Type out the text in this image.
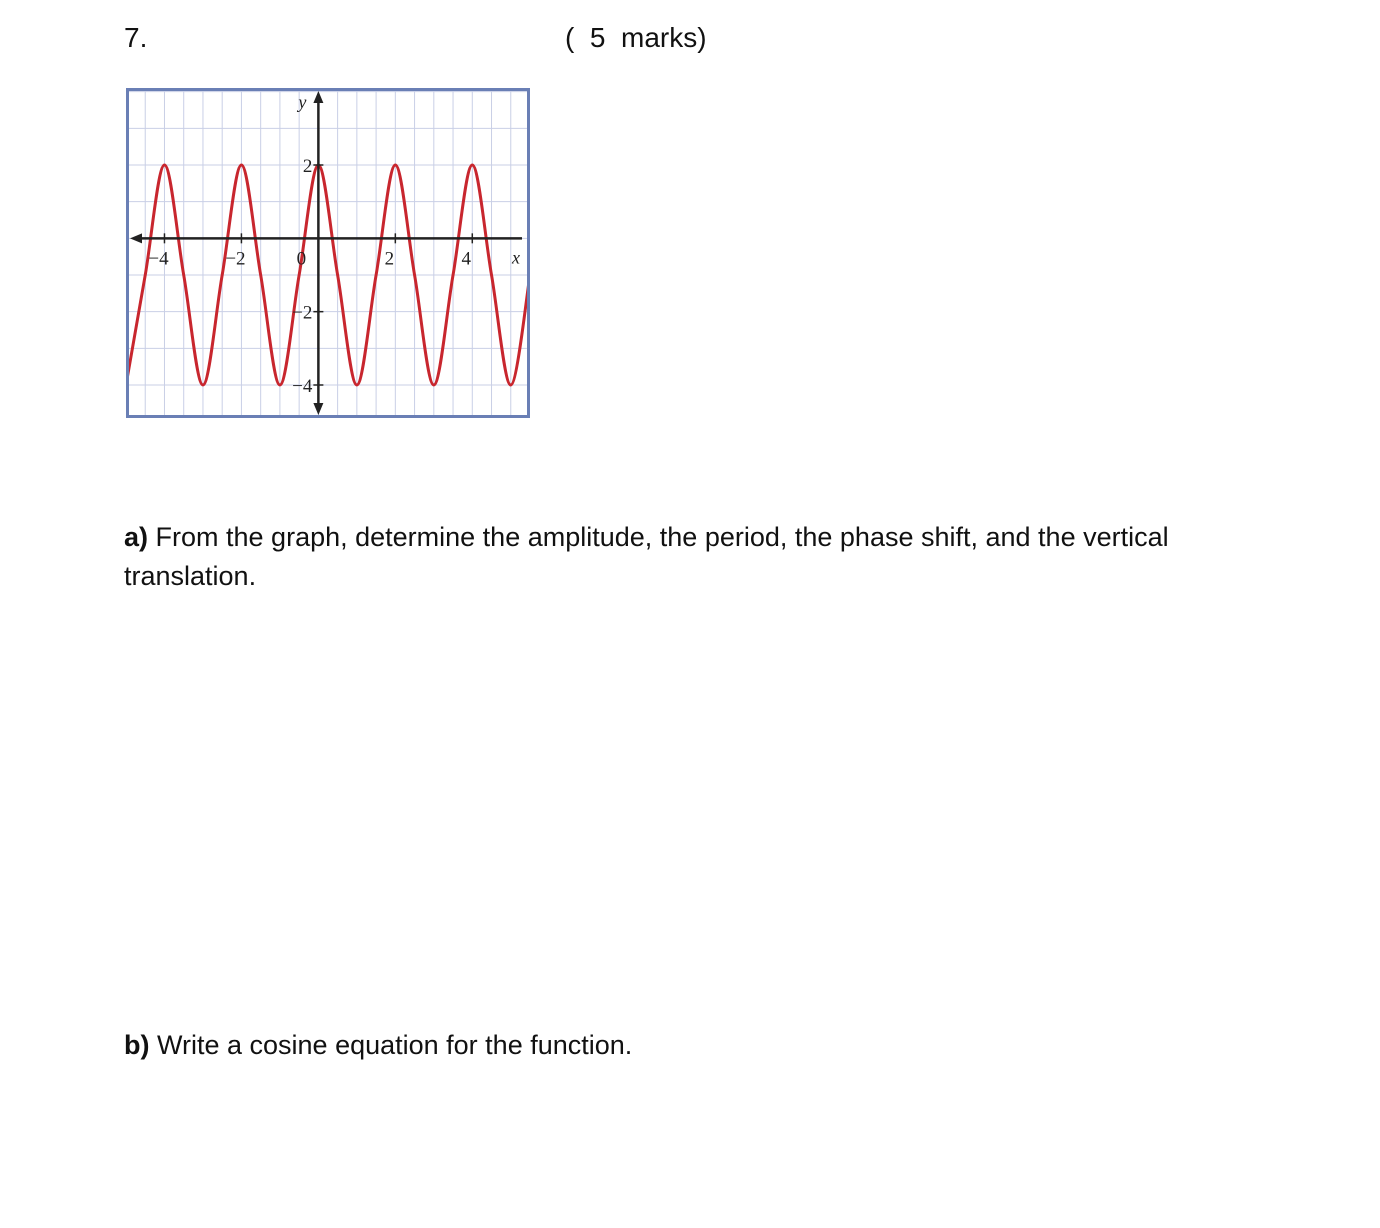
7.	(  5  marks)
−4	−2	0	2	4
2
−2
−4
x
y
a) From the graph, determine the amplitude, the period, the phase shift, and the vertical translation.
b) Write a cosine equation for the function.
